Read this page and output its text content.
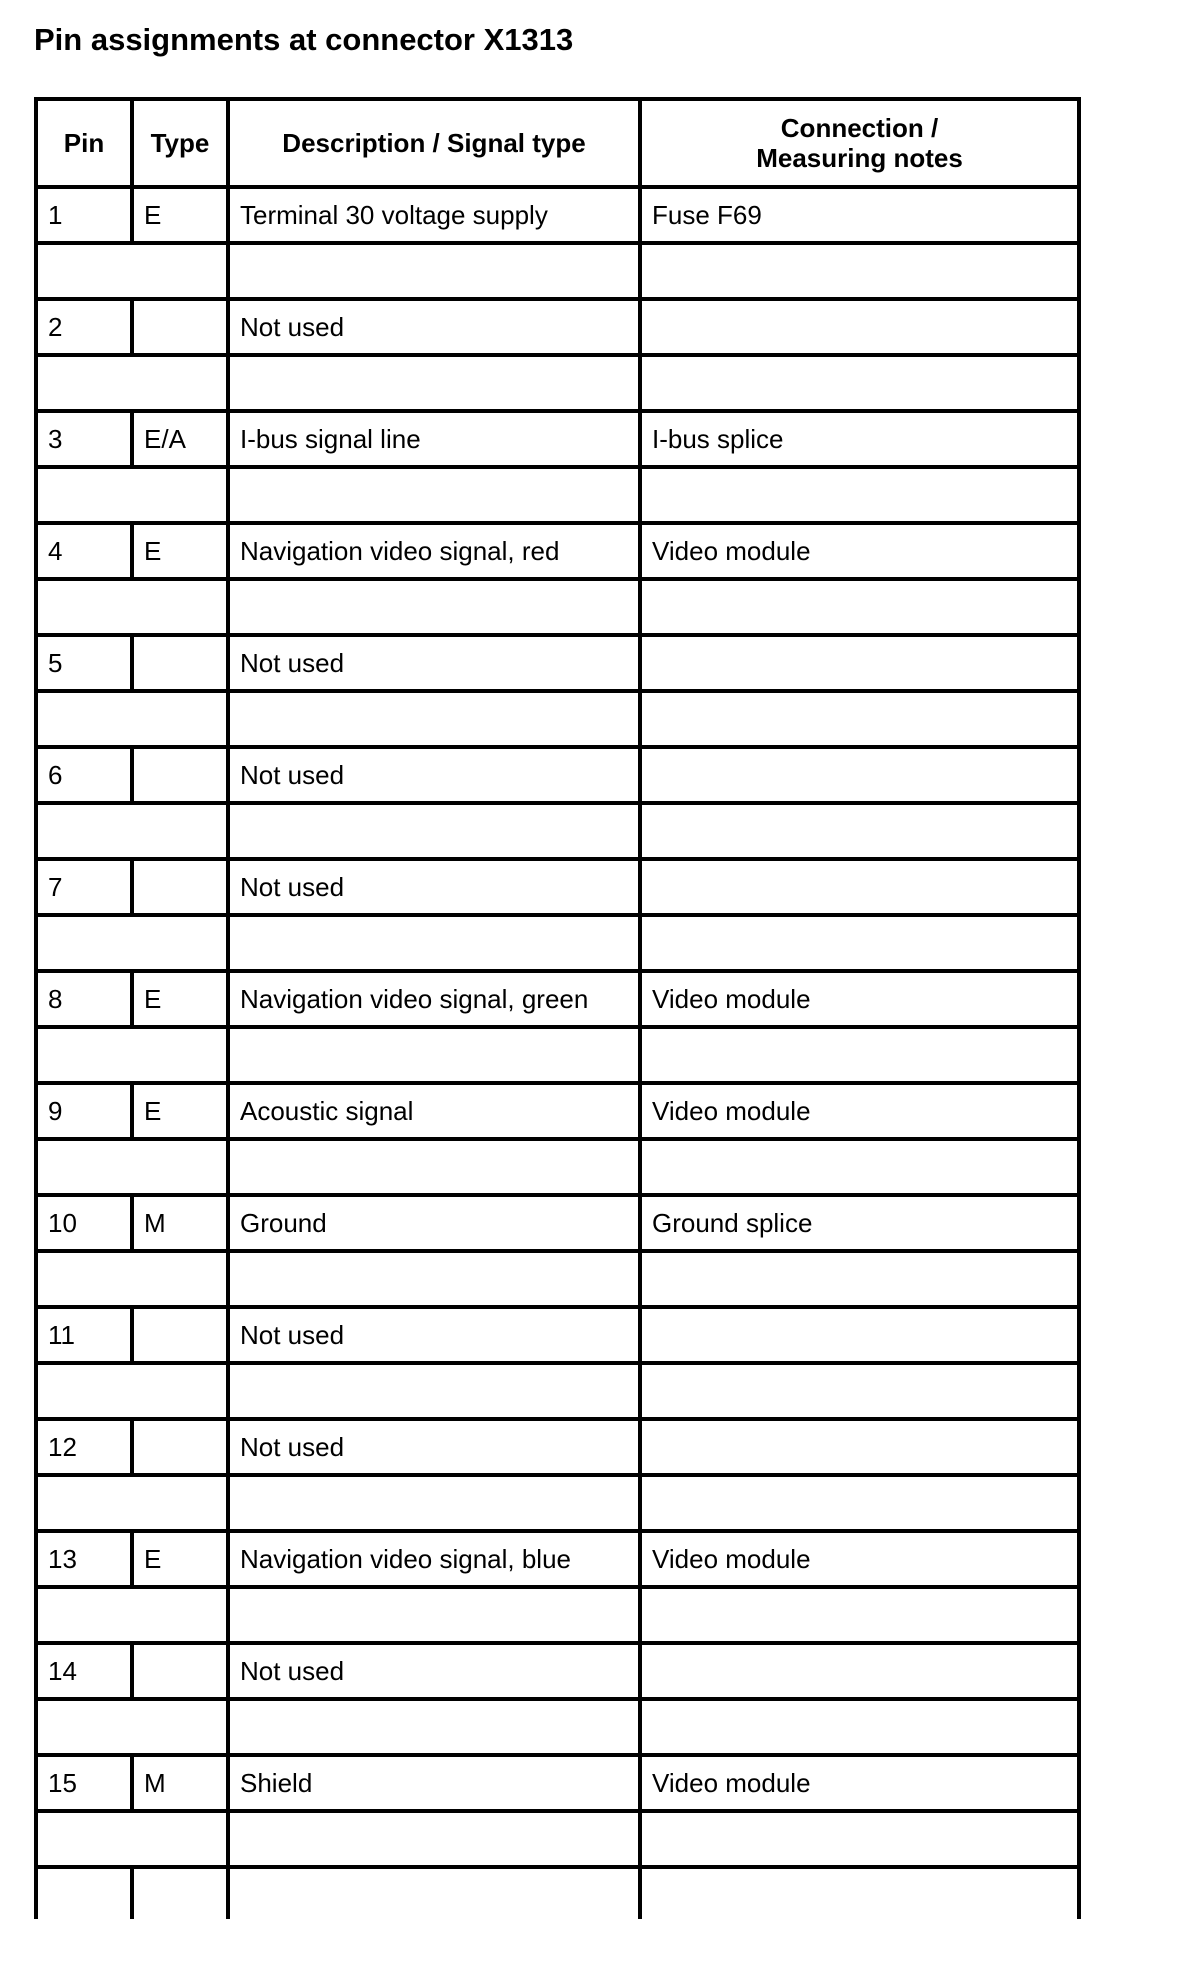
Pin assignments at connector X1313
Pin	Type	Description / Signal type	Connection /
Measuring notes

1	E	Terminal 30 voltage supply	Fuse F69

2		Not used	

3	E/A	I-bus signal line	I-bus splice

4	E	Navigation video signal, red	Video module

5		Not used	

6		Not used	

7		Not used	

8	E	Navigation video signal, green	Video module

9	E	Acoustic signal	Video module

10	M	Ground	Ground splice

11		Not used	

12		Not used	

13	E	Navigation video signal, blue	Video module

14		Not used	

15	M	Shield	Video module
